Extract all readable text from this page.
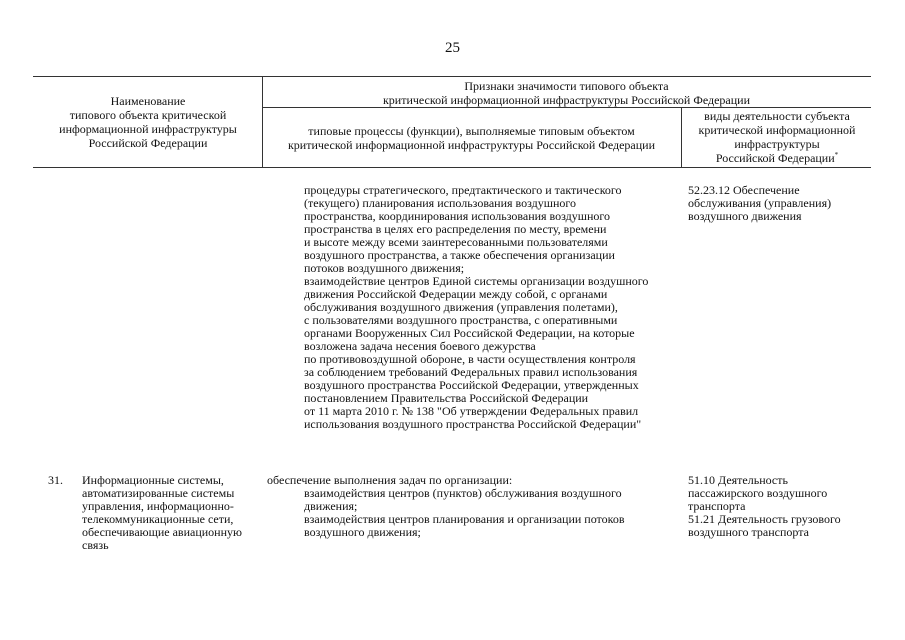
25
Наименование
типового объекта критической
информационной инфраструктуры
Российской Федерации
Признаки значимости типового объекта
критической информационной инфраструктуры Российской Федерации
типовые процессы (функции), выполняемые типовым объектом
критической информационной инфраструктуры Российской Федерации
виды деятельности субъекта
критической информационной
инфраструктуры
Российской Федерации*
процедуры стратегического, предтактического и тактического
(текущего) планирования использования воздушного
пространства, координирования использования воздушного
пространства в целях его распределения по месту, времени
и высоте между всеми заинтересованными пользователями
воздушного пространства, а также обеспечения организации
потоков воздушного движения;
взаимодействие центров Единой системы организации воздушного
движения Российской Федерации между собой, с органами
обслуживания воздушного движения (управления полетами),
с пользователями воздушного пространства, с оперативными
органами Вооруженных Сил Российской Федерации, на которые
возложена задача несения боевого дежурства
по противовоздушной обороне, в части осуществления контроля
за соблюдением требований Федеральных правил использования
воздушного пространства Российской Федерации, утвержденных
постановлением Правительства Российской Федерации
от 11 марта 2010 г. № 138 "Об утверждении Федеральных правил
использования воздушного пространства Российской Федерации"
52.23.12 Обеспечение
обслуживания (управления)
воздушного движения
31. Информационные системы,
автоматизированные системы
управления, информационно-
телекоммуникационные сети,
обеспечивающие авиационную
связь
обеспечение выполнения задач по организации:
взаимодействия центров (пунктов) обслуживания воздушного
движения;
взаимодействия центров планирования и организации потоков
воздушного движения;
51.10 Деятельность
пассажирского воздушного
транспорта
51.21 Деятельность грузового
воздушного транспорта
